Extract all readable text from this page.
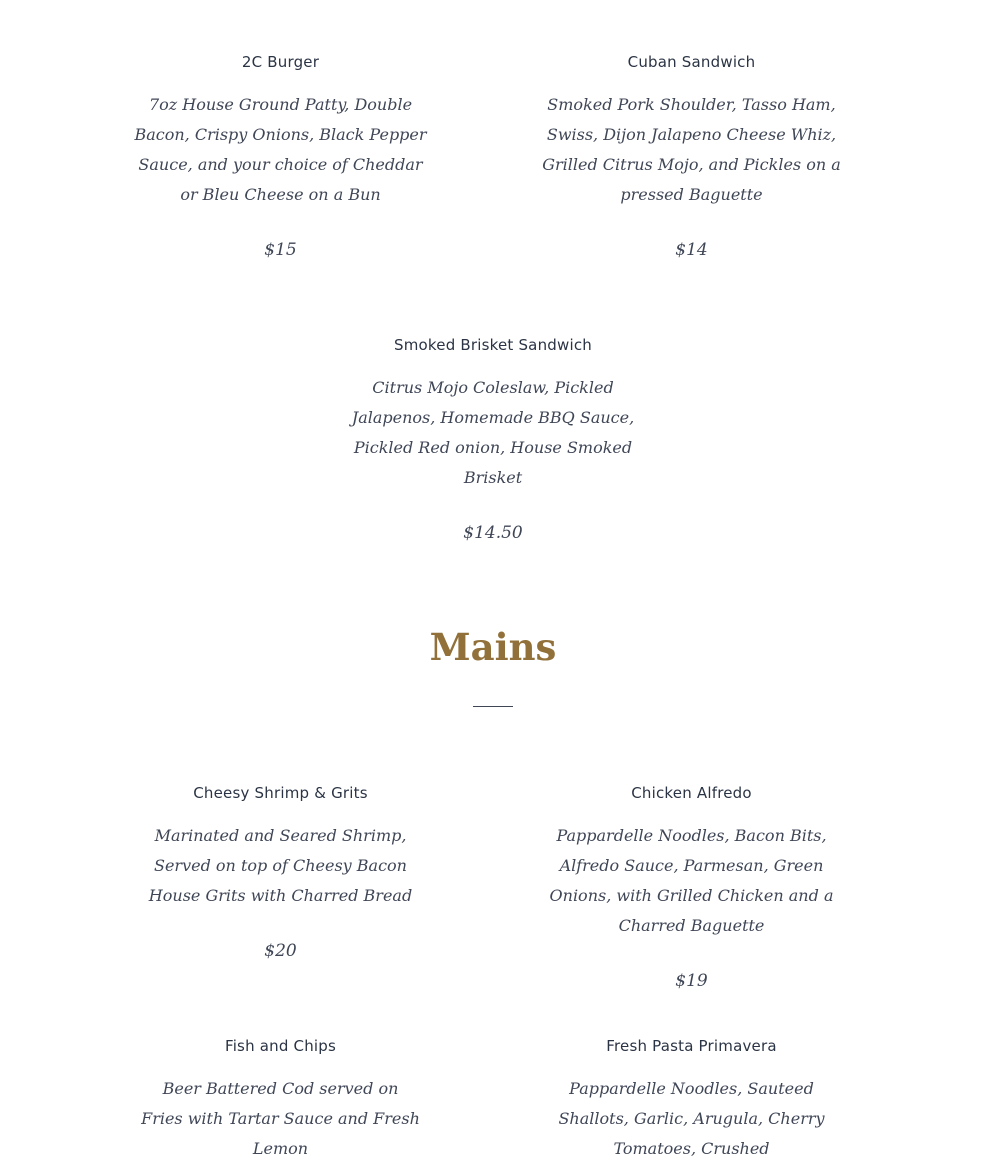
2C Burger

7oz House Ground Patty, Double Bacon, Crispy Onions, Black Pepper Sauce, and your choice of Cheddar or Bleu Cheese on a Bun

$15

Cuban Sandwich

Smoked Pork Shoulder, Tasso Ham, Swiss, Dijon Jalapeno Cheese Whiz, Grilled Citrus Mojo, and Pickles on a pressed Baguette

$14

Smoked Brisket Sandwich

Citrus Mojo Coleslaw, Pickled Jalapenos, Homemade BBQ Sauce, Pickled Red onion, House Smoked Brisket

$14.50

Mains
Cheesy Shrimp & Grits

Marinated and Seared Shrimp, Served on top of Cheesy Bacon House Grits with Charred Bread

$20

Chicken Alfredo

Pappardelle Noodles, Bacon Bits, Alfredo Sauce, Parmesan, Green Onions, with Grilled Chicken and a Charred Baguette

$19

Fish and Chips

Beer Battered Cod served on Fries with Tartar Sauce and Fresh Lemon

Fresh Pasta Primavera

Pappardelle Noodles, Sauteed Shallots, Garlic, Arugula, Cherry Tomatoes, Crushed
